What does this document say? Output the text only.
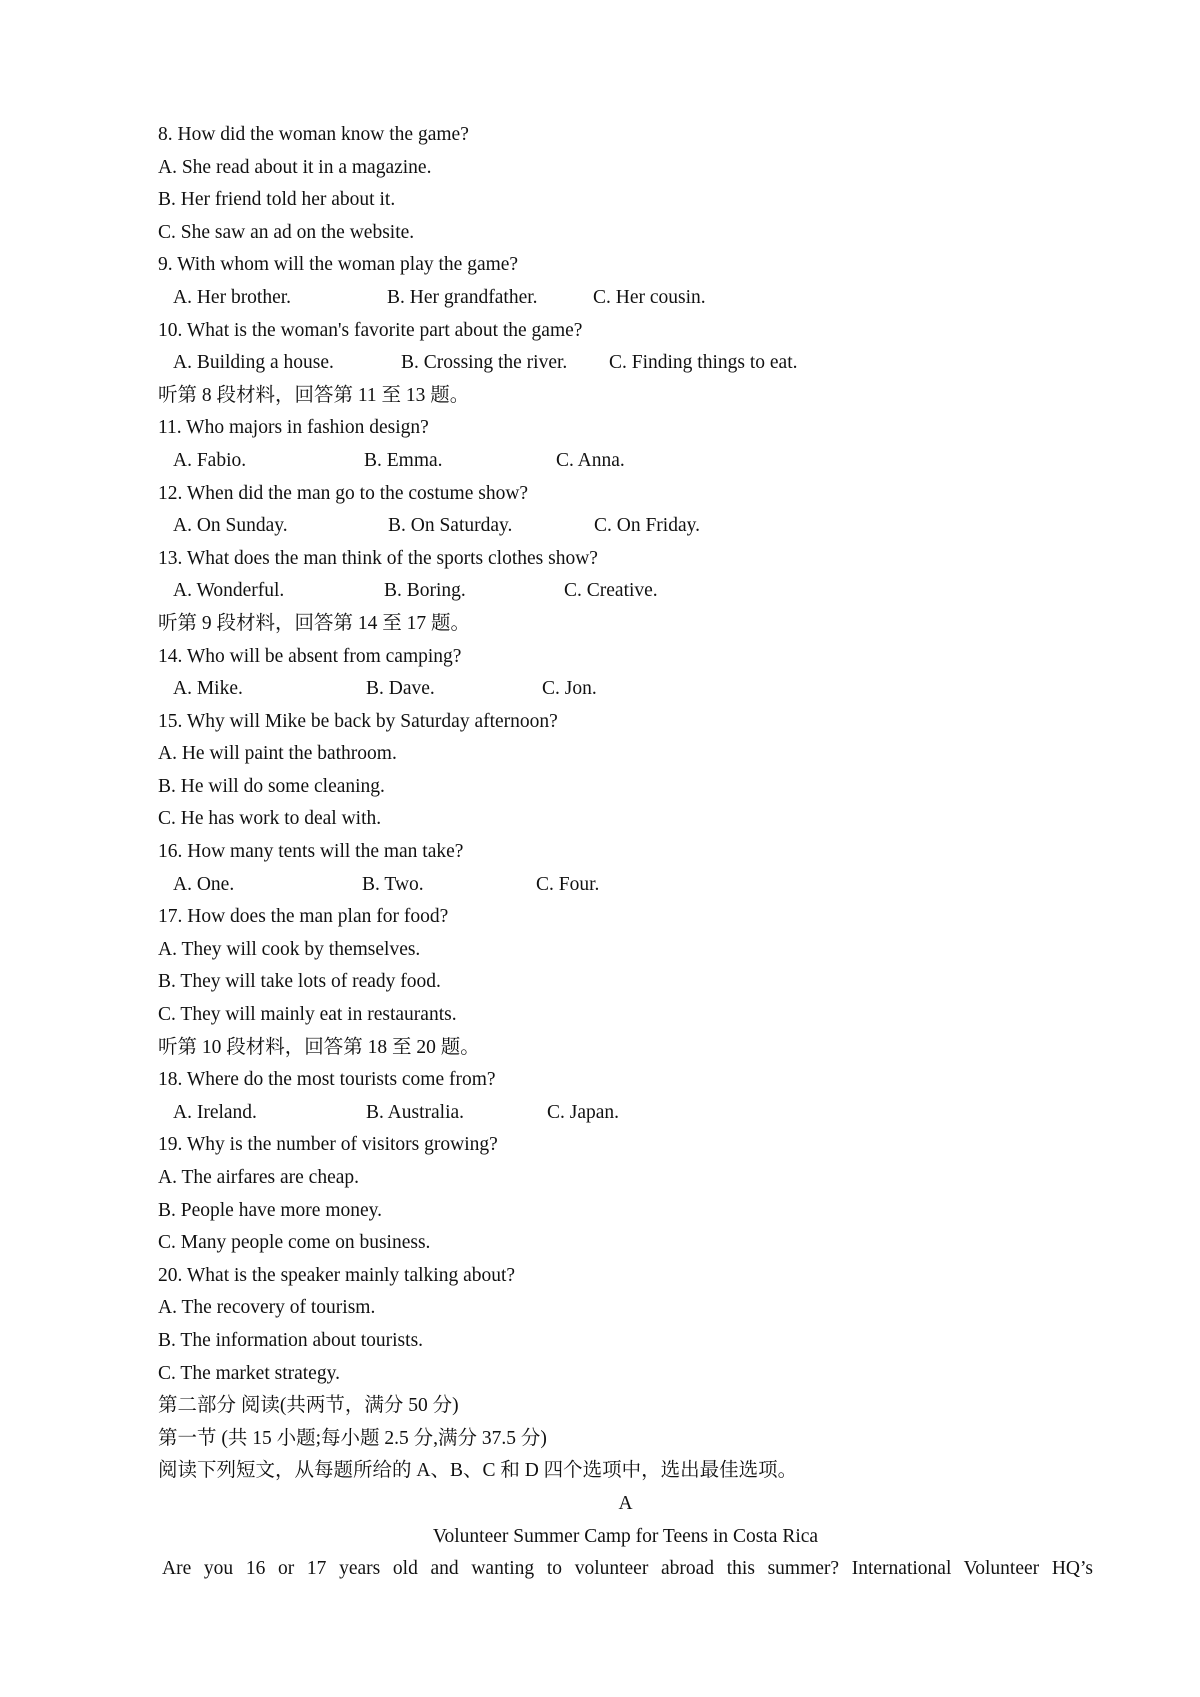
8. How did the woman know the game?
A. She read about it in a magazine.
B. Her friend told her about it.
C. She saw an ad on the website.
9. With whom will the woman play the game?
A. Her brother.	B. Her grandfather.	C. Her cousin.
10. What is the woman's favorite part about the game?
A. Building a house.	B. Crossing the river.	C. Finding things to eat.
听第 8 段材料，回答第 11 至 13 题。
11. Who majors in fashion design?
A. Fabio.	B. Emma.	C. Anna.
12. When did the man go to the costume show?
A. On Sunday.	B. On Saturday.	C. On Friday.
13. What does the man think of the sports clothes show?
A. Wonderful.	B. Boring.	C. Creative.
听第 9 段材料，回答第 14 至 17 题。
14. Who will be absent from camping?
A. Mike.	B. Dave.	C. Jon.
15. Why will Mike be back by Saturday afternoon?
A. He will paint the bathroom.
B. He will do some cleaning.
C. He has work to deal with.
16. How many tents will the man take?
A. One.	B. Two.	C. Four.
17. How does the man plan for food?
A. They will cook by themselves.
B. They will take lots of ready food.
C. They will mainly eat in restaurants.
听第 10 段材料，回答第 18 至 20 题。
18. Where do the most tourists come from?
A. Ireland.	B. Australia.	C. Japan.
19. Why is the number of visitors growing?
A. The airfares are cheap.
B. People have more money.
C. Many people come on business.
20. What is the speaker mainly talking about?
A. The recovery of tourism.
B. The information about tourists.
C. The market strategy.
第二部分 阅读(共两节，满分 50 分)
第一节 (共 15 小题;每小题 2.5 分,满分 37.5 分)
阅读下列短文，从每题所给的 A、B、C 和 D 四个选项中，选出最佳选项。
A
Volunteer Summer Camp for Teens in Costa Rica
Are you 16 or 17 years old and wanting to volunteer abroad this summer? International Volunteer HQ’s
